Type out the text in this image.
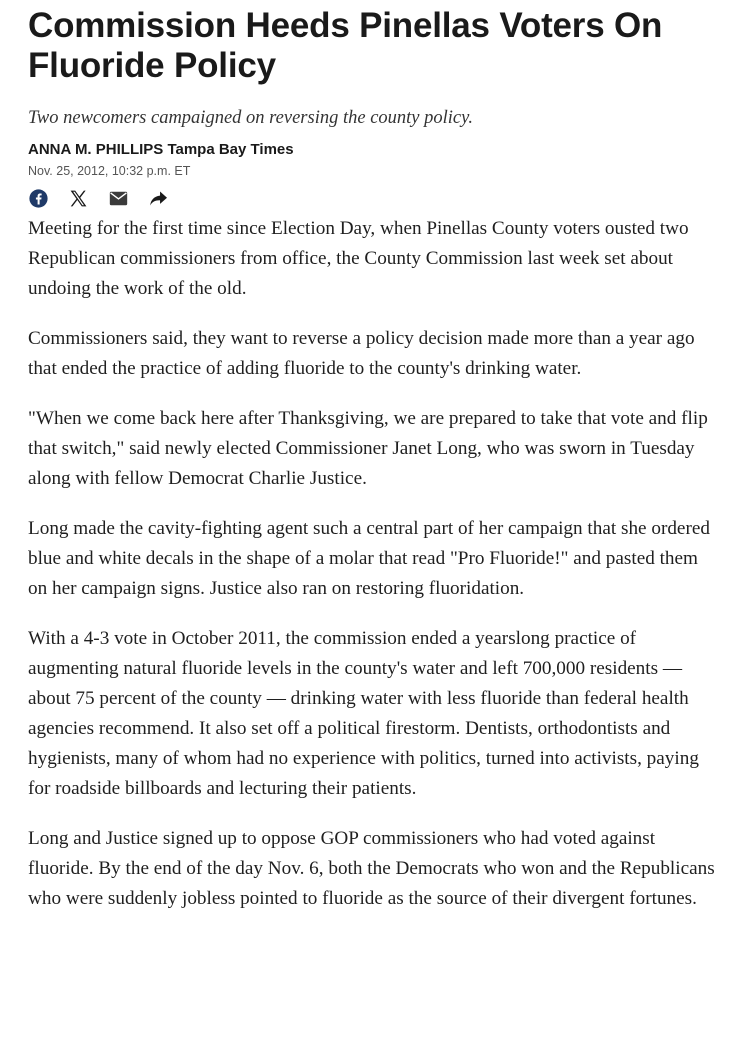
Commission Heeds Pinellas Voters On Fluoride Policy

Two newcomers campaigned on reversing the county policy.

ANNA M. PHILLIPS Tampa Bay Times
Nov. 25, 2012, 10:32 p.m. ET

Meeting for the first time since Election Day, when Pinellas County voters ousted two Republican commissioners from office, the County Commission last week set about undoing the work of the old.

Commissioners said, they want to reverse a policy decision made more than a year ago that ended the practice of adding fluoride to the county's drinking water.

"When we come back here after Thanksgiving, we are prepared to take that vote and flip that switch," said newly elected Commissioner Janet Long, who was sworn in Tuesday along with fellow Democrat Charlie Justice.

Long made the cavity-fighting agent such a central part of her campaign that she ordered blue and white decals in the shape of a molar that read "Pro Fluoride!" and pasted them on her campaign signs. Justice also ran on restoring fluoridation.

With a 4-3 vote in October 2011, the commission ended a yearslong practice of augmenting natural fluoride levels in the county's water and left 700,000 residents — about 75 percent of the county — drinking water with less fluoride than federal health agencies recommend. It also set off a political firestorm. Dentists, orthodontists and hygienists, many of whom had no experience with politics, turned into activists, paying for roadside billboards and lecturing their patients.

Long and Justice signed up to oppose GOP commissioners who had voted against fluoride. By the end of the day Nov. 6, both the Democrats who won and the Republicans who were suddenly jobless pointed to fluoride as the source of their divergent fortunes.
